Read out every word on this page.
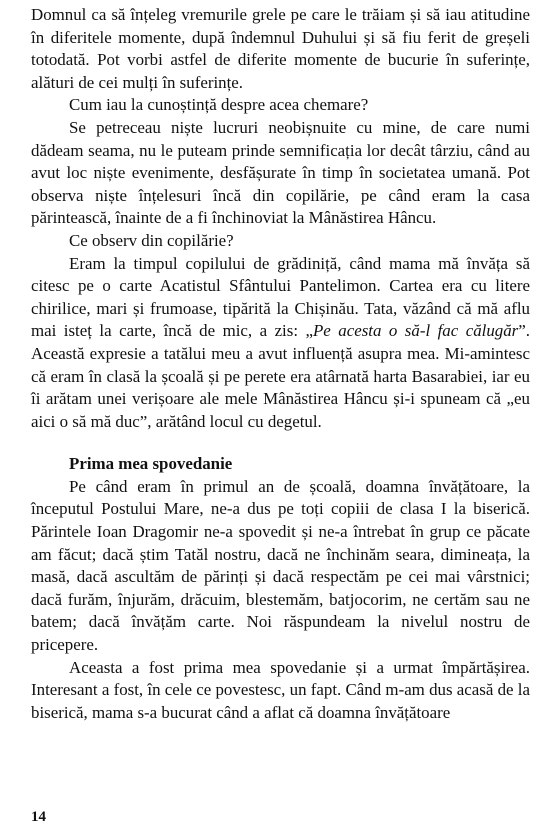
Domnul ca să înțeleg vremurile grele pe care le trăiam și să iau atitudine în diferitele momente, după îndemnul Duhului și să fiu ferit de greșeli totodată. Pot vorbi astfel de diferite momente de bucurie în suferințe, alături de cei mulți în suferințe.

Cum iau la cunoștință despre acea chemare?

Se petreceau niște lucruri neobișnuite cu mine, de care numi dădeam seama, nu le puteam prinde semnificația lor decât târziu, când au avut loc niște evenimente, desfășurate în timp în societatea umană. Pot observa niște înțelesuri încă din copilărie, pe când eram la casa părintească, înainte de a fi închinoviat la Mânăstirea Hâncu.

Ce observ din copilărie?

Eram la timpul copilului de grădiniță, când mama mă învăța să citesc pe o carte Acatistul Sfântului Pantelimon. Cartea era cu litere chirilice, mari și frumoase, tipărită la Chișinău. Tata, văzând că mă aflu mai isteț la carte, încă de mic, a zis: „Pe acesta o să-l fac călugăr”. Această expresie a tatălui meu a avut influență asupra mea. Mi-amintesc că eram în clasă la școală și pe perete era atârnată harta Basarabiei, iar eu îi arătam unei verișoare ale mele Mânăstirea Hâncu și-i spuneam că „eu aici o să mă duc”, arătând locul cu degetul.

Prima mea spovedanie

Pe când eram în primul an de școală, doamna învățătoare, la începutul Postului Mare, ne-a dus pe toți copiii de clasa I la biserică. Părintele Ioan Dragomir ne-a spovedit și ne-a întrebat în grup ce păcate am făcut; dacă știm Tatăl nostru, dacă ne închinăm seara, dimineața, la masă, dacă ascultăm de părinți și dacă respectăm pe cei mai vârstnici; dacă furăm, înjurăm, drăcuim, blestemăm, batjocorim, ne certăm sau ne batem; dacă învățăm carte. Noi răspundeam la nivelul nostru de pricepere.

Aceasta a fost prima mea spovedanie și a urmat împărtășirea. Interesant a fost, în cele ce povestesc, un fapt. Când m-am dus acasă de la biserică, mama s-a bucurat când a aflat că doamna învățătoare

14
